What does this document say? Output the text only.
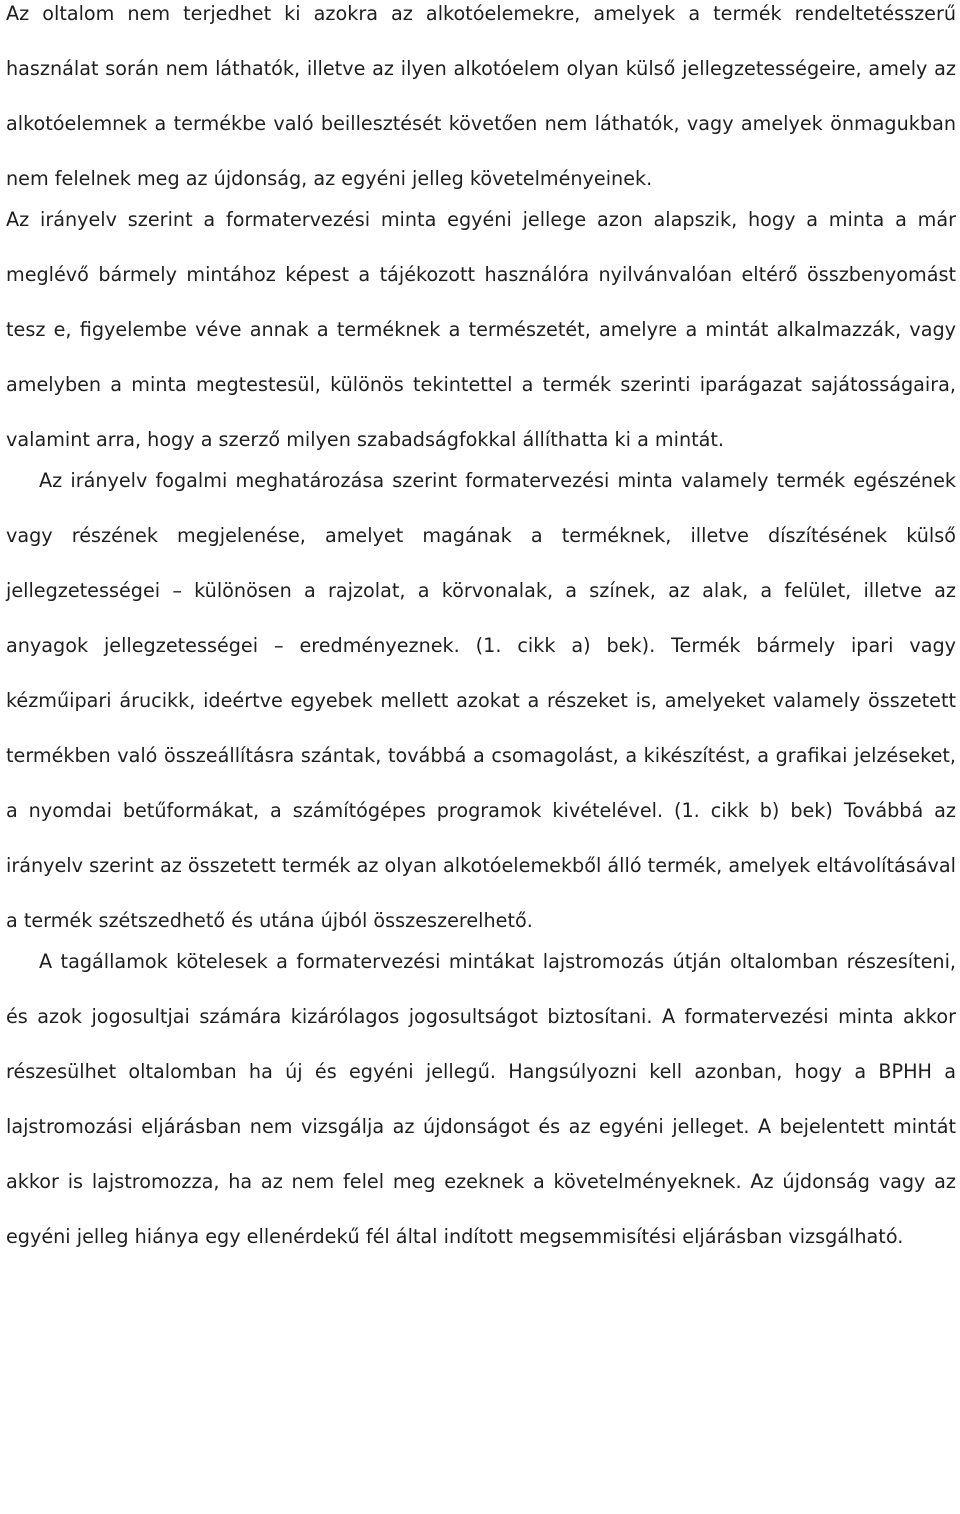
Az oltalom nem terjedhet ki azokra az alkotóelemekre, amelyek a termék rendeltetésszerű használat során nem láthatók, illetve az ilyen alkotóelem olyan külső jellegzetességeire, amely az alkotóelemnek a termékbe való beillesztését követően nem láthatók, vagy amelyek önmagukban nem felelnek meg az újdonság, az egyéni jelleg követelményeinek.

Az irányelv szerint a formatervezési minta egyéni jellege azon alapszik, hogy a minta a már meglévő bármely mintához képest a tájékozott használóra nyilvánvalóan eltérő összbenyomást tesz e, figyelembe véve annak a terméknek a természetét, amelyre a mintát alkalmazzák, vagy amelyben a minta megtestesül, különös tekintettel a termék szerinti iparágazat sajátosságaira, valamint arra, hogy a szerző milyen szabadságfokkal állíthatta ki a mintát.

Az irányelv fogalmi meghatározása szerint formatervezési minta valamely termék egészének vagy részének megjelenése, amelyet magának a terméknek, illetve díszítésének külső jellegzetességei – különösen a rajzolat, a körvonalak, a színek, az alak, a felület, illetve az anyagok jellegzetességei – eredményeznek. (1. cikk a) bek). Termék bármely ipari vagy kézműipari árucikk, ideértve egyebek mellett azokat a részeket is, amelyeket valamely összetett termékben való összeállításra szántak, továbbá a csomagolást, a kikészítést, a grafikai jelzéseket, a nyomdai betűformákat, a számítógépes programok kivételével. (1. cikk b) bek) Továbbá az irányelv szerint az összetett termék az olyan alkotóelemekből álló termék, amelyek eltávolításával a termék szétszedhető és utána újból összeszerelhető.

A tagállamok kötelesek a formatervezési mintákat lajstromozás útján oltalomban részesíteni, és azok jogosultjai számára kizárólagos jogosultságot biztosítani. A formatervezési minta akkor részesülhet oltalomban ha új és egyéni jellegű. Hangsúlyozni kell azonban, hogy a BPHH a lajstromozási eljárásban nem vizsgálja az újdonságot és az egyéni jelleget. A bejelentett mintát akkor is lajstromozza, ha az nem felel meg ezeknek a követelményeknek. Az újdonság vagy az egyéni jelleg hiánya egy ellenérdekű fél által indított megsemmisítési eljárásban vizsgálható.
